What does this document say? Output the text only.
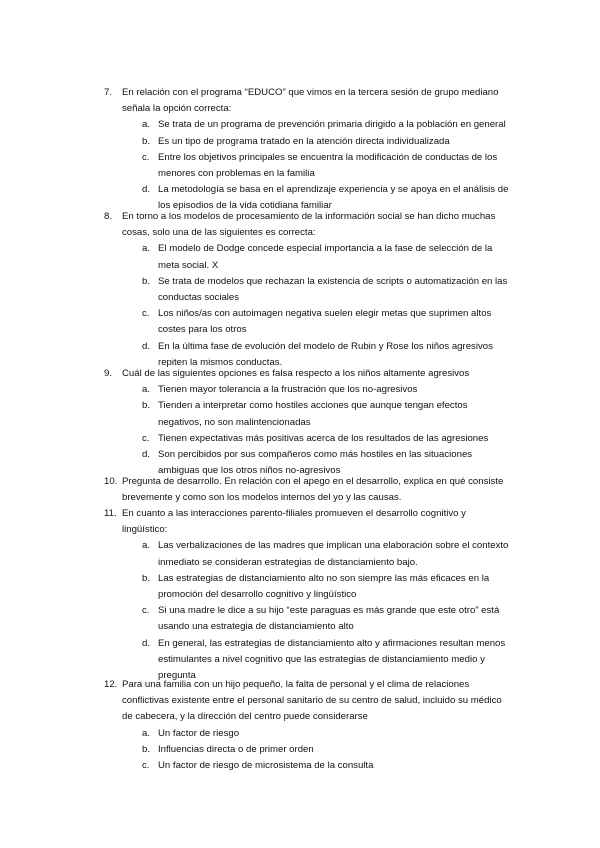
7. En relación con el programa “EDUCO” que vimos en la tercera sesión de grupo mediano
señala la opción correcta:
a. Se trata de un programa de prevención primaria dirigido a la población en general
b. Es un tipo de programa tratado en la atención directa individualizada
c. Entre los objetivos principales se encuentra la modificación de conductas de los
menores con problemas en la familia
d. La metodología se basa en el aprendizaje experiencia y se apoya en el análisis de
los episodios de la vida cotidiana familiar
8. En torno a los modelos de procesamiento de la información social se han dicho muchas
cosas, solo una de las siguientes es correcta:
a. El modelo de Dodge concede especial importancia a la fase de selección de la
meta social. X
b. Se trata de modelos que rechazan la existencia de scripts o automatización en las
conductas sociales
c. Los niños/as con autoimagen negativa suelen elegir metas que suprimen altos
costes para los otros
d. En la última fase de evolución del modelo de Rubin y Rose los niños agresivos
repiten la mismos conductas.
9. Cuál de las siguientes opciones es falsa respecto a los niños altamente agresivos
a. Tienen mayor tolerancia a la frustración que los no-agresivos
b. Tienden a interpretar como hostiles acciones que aunque tengan efectos
negativos, no son malintencionadas
c. Tienen expectativas más positivas acerca de los resultados de las agresiones
d. Son percibidos por sus compañeros como más hostiles en las situaciones
ambiguas que los otros niños no-agresivos
10. Pregunta de desarrollo. En relación con el apego en el desarrollo, explica en qué consiste
brevemente y como son los modelos internos del yo y las causas.
11. En cuanto a las interacciones parento-filiales promueven el desarrollo cognitivo y
lingüístico:
a. Las verbalizaciones de las madres que implican una elaboración sobre el contexto
inmediato se consideran estrategias de distanciamiento bajo.
b. Las estrategias de distanciamiento alto no son siempre las más eficaces en la
promoción del desarrollo cognitivo y lingüístico
c. Si una madre le dice a su hijo “este paraguas es más grande que este otro” está
usando una estrategia de distanciamiento alto
d. En general, las estrategias de distanciamiento alto y afirmaciones resultan menos
estimulantes a nivel cognitivo que las estrategias de distanciamiento medio y
pregunta
12. Para una familia con un hijo pequeño, la falta de personal y el clima de relaciones
conflictivas existente entre el personal sanitario de su centro de salud, incluido su médico
de cabecera, y la dirección del centro puede considerarse
a. Un factor de riesgo
b. Influencias directa o de primer orden
c. Un factor de riesgo de microsistema de la consulta
